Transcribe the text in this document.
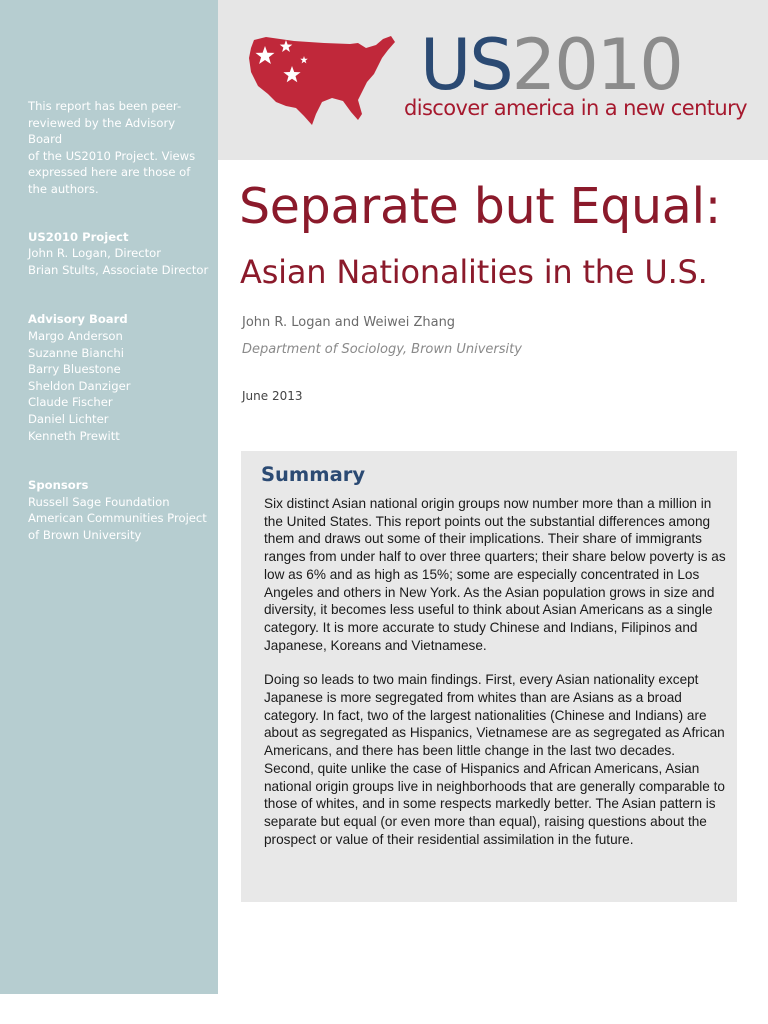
This report has been peer-
reviewed by the Advisory Board
of the US2010 Project. Views
expressed here are those of
the authors.
US2010 Project
John R. Logan, Director
Brian Stults, Associate Director
Advisory Board
Margo Anderson
Suzanne Bianchi
Barry Bluestone
Sheldon Danziger
Claude Fischer
Daniel Lichter
Kenneth Prewitt
Sponsors
Russell Sage Foundation
American Communities Project
of Brown University
US2010
discover america in a new century
Separate but Equal:
Asian Nationalities in the U.S.
John R. Logan and Weiwei Zhang
Department of Sociology, Brown University
June 2013
Summary

Six distinct Asian national origin groups now number more than a million in the United States. This report points out the substantial differences among them and draws out some of their implications. Their share of immigrants ranges from under half to over three quarters; their share below poverty is as low as 6% and as high as 15%; some are especially concentrated in Los Angeles and others in New York. As the Asian population grows in size and diversity, it becomes less useful to think about Asian Americans as a single category. It is more accurate to study Chinese and Indians, Filipinos and Japanese, Koreans and Vietnamese.

Doing so leads to two main findings. First, every Asian nationality except Japanese is more segregated from whites than are Asians as a broad category. In fact, two of the largest nationalities (Chinese and Indians) are about as segregated as Hispanics, Vietnamese are as segregated as African Americans, and there has been little change in the last two decades. Second, quite unlike the case of Hispanics and African Americans, Asian national origin groups live in neighborhoods that are generally comparable to those of whites, and in some respects markedly better. The Asian pattern is separate but equal (or even more than equal), raising questions about the prospect or value of their residential assimilation in the future.
